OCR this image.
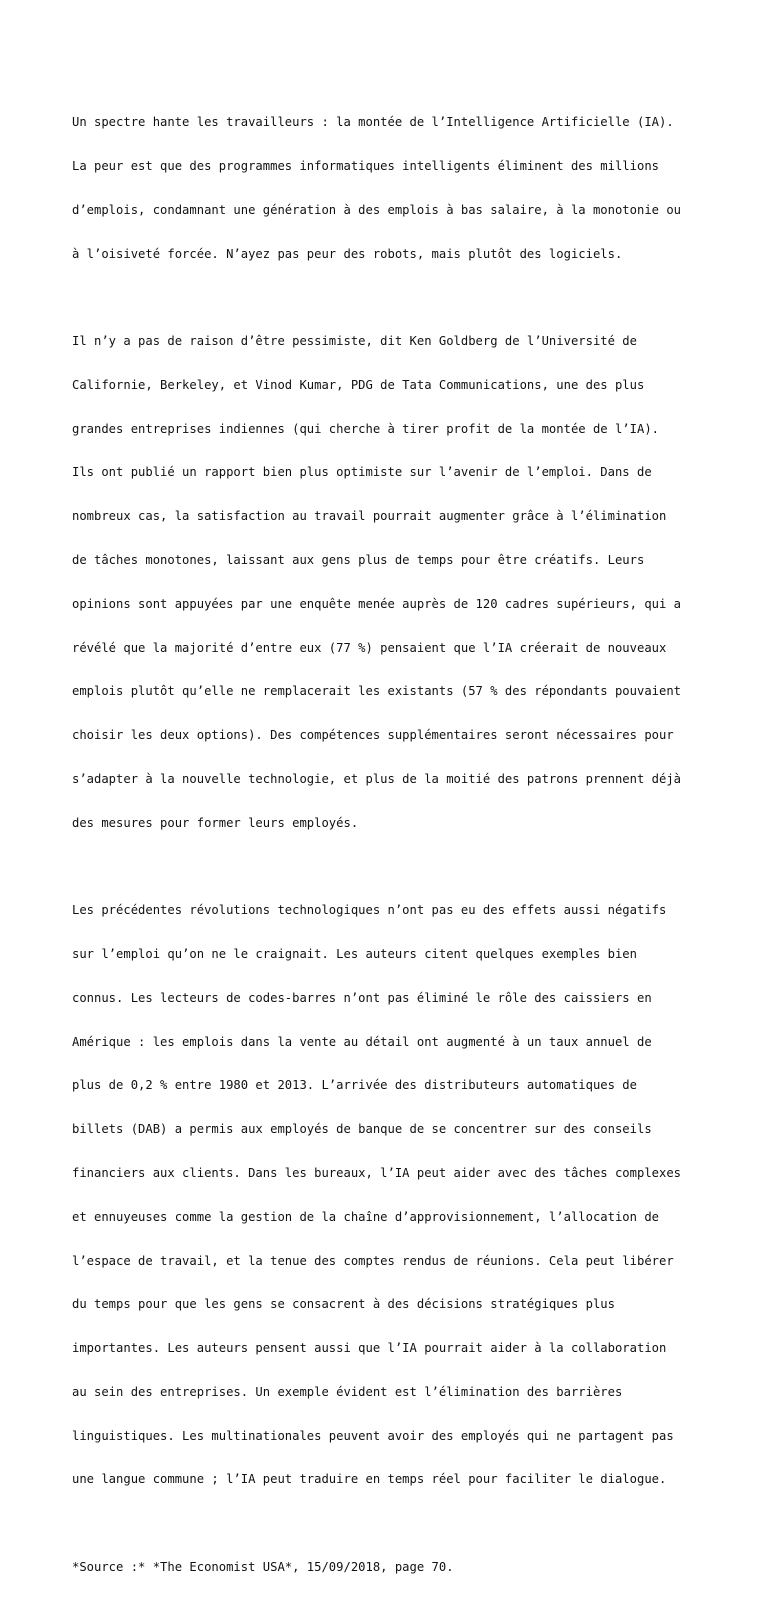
Un spectre hante les travailleurs : la montée de l’Intelligence Artificielle (IA).

La peur est que des programmes informatiques intelligents éliminent des millions

d’emplois, condamnant une génération à des emplois à bas salaire, à la monotonie ou

à l’oisiveté forcée. N’ayez pas peur des robots, mais plutôt des logiciels.

Il n’y a pas de raison d’être pessimiste, dit Ken Goldberg de l’Université de

Californie, Berkeley, et Vinod Kumar, PDG de Tata Communications, une des plus

grandes entreprises indiennes (qui cherche à tirer profit de la montée de l’IA).

Ils ont publié un rapport bien plus optimiste sur l’avenir de l’emploi. Dans de

nombreux cas, la satisfaction au travail pourrait augmenter grâce à l’élimination

de tâches monotones, laissant aux gens plus de temps pour être créatifs. Leurs

opinions sont appuyées par une enquête menée auprès de 120 cadres supérieurs, qui a

révélé que la majorité d’entre eux (77 %) pensaient que l’IA créerait de nouveaux

emplois plutôt qu’elle ne remplacerait les existants (57 % des répondants pouvaient

choisir les deux options). Des compétences supplémentaires seront nécessaires pour

s’adapter à la nouvelle technologie, et plus de la moitié des patrons prennent déjà

des mesures pour former leurs employés.

Les précédentes révolutions technologiques n’ont pas eu des effets aussi négatifs

sur l’emploi qu’on ne le craignait. Les auteurs citent quelques exemples bien

connus. Les lecteurs de codes-barres n’ont pas éliminé le rôle des caissiers en

Amérique : les emplois dans la vente au détail ont augmenté à un taux annuel de

plus de 0,2 % entre 1980 et 2013. L’arrivée des distributeurs automatiques de

billets (DAB) a permis aux employés de banque de se concentrer sur des conseils

financiers aux clients. Dans les bureaux, l’IA peut aider avec des tâches complexes

et ennuyeuses comme la gestion de la chaîne d’approvisionnement, l’allocation de

l’espace de travail, et la tenue des comptes rendus de réunions. Cela peut libérer

du temps pour que les gens se consacrent à des décisions stratégiques plus

importantes. Les auteurs pensent aussi que l’IA pourrait aider à la collaboration

au sein des entreprises. Un exemple évident est l’élimination des barrières

linguistiques. Les multinationales peuvent avoir des employés qui ne partagent pas

une langue commune ; l’IA peut traduire en temps réel pour faciliter le dialogue.

*Source :* *The Economist USA*, 15/09/2018, page 70.
